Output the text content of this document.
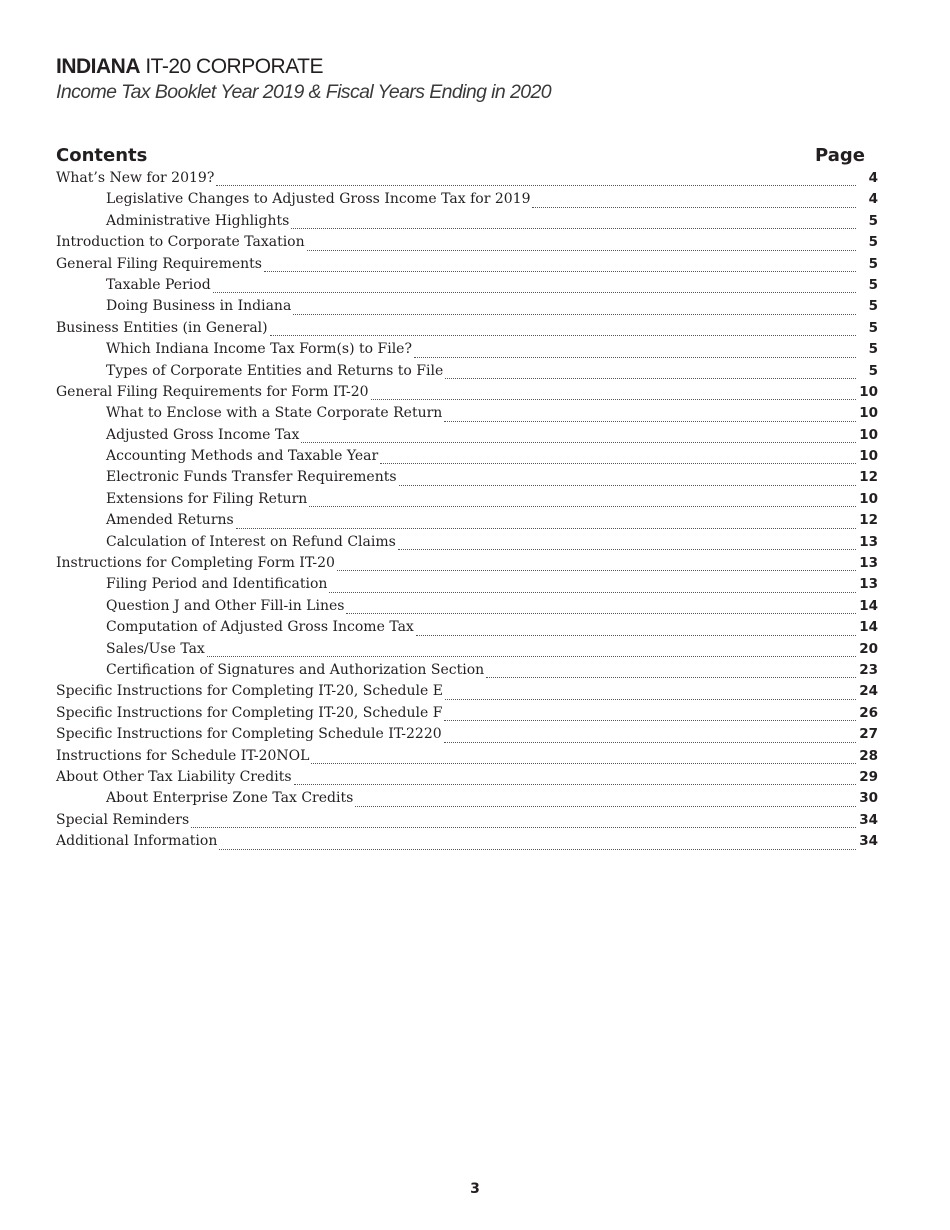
INDIANA IT-20 CORPORATE
Income Tax Booklet Year 2019 & Fiscal Years Ending in 2020
Contents	Page
What’s New for 2019?	4
Legislative Changes to Adjusted Gross Income Tax for 2019	4
Administrative Highlights	5
Introduction to Corporate Taxation	5
General Filing Requirements	5
Taxable Period	5
Doing Business in Indiana	5
Business Entities (in General)	5
Which Indiana Income Tax Form(s) to File?	5
Types of Corporate Entities and Returns to File	5
General Filing Requirements for Form IT-20	10
What to Enclose with a State Corporate Return	10
Adjusted Gross Income Tax	10
Accounting Methods and Taxable Year	10
Electronic Funds Transfer Requirements	12
Extensions for Filing Return	10
Amended Returns	12
Calculation of Interest on Refund Claims	13
Instructions for Completing Form IT-20	13
Filing Period and Identification	13
Question J and Other Fill-in Lines	14
Computation of Adjusted Gross Income Tax	14
Sales/Use Tax	20
Certification of Signatures and Authorization Section	23
Specific Instructions for Completing IT-20, Schedule E	24
Specific Instructions for Completing IT-20, Schedule F	26
Specific Instructions for Completing Schedule IT-2220	27
Instructions for Schedule IT-20NOL	28
About Other Tax Liability Credits	29
About Enterprise Zone Tax Credits	30
Special Reminders	34
Additional Information	34
3
